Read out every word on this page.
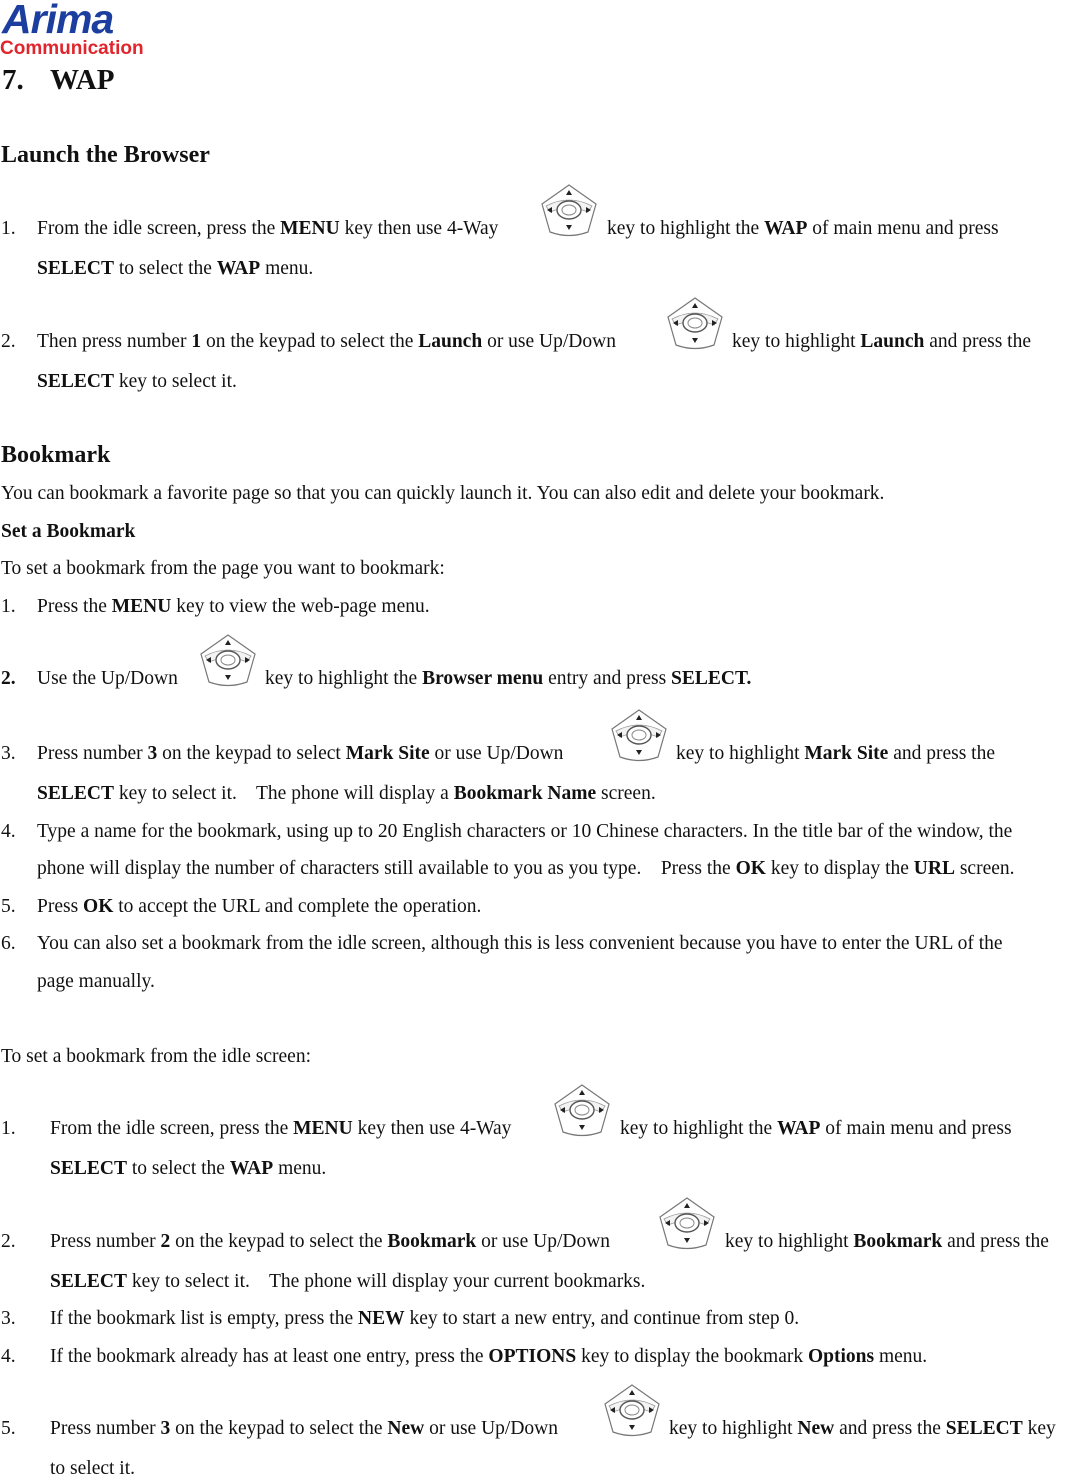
Arima
Communication
7. WAP
Launch the Browser
1. From the idle screen, press the MENU key then use 4-Way	key to highlight the WAP of main menu and press
SELECT to select the WAP menu.
2. Then press number 1 on the keypad to select the Launch or use Up/Down	key to highlight Launch and press the
SELECT key to select it.
Bookmark
You can bookmark a favorite page so that you can quickly launch it. You can also edit and delete your bookmark.
Set a Bookmark
To set a bookmark from the page you want to bookmark:
1. Press the MENU key to view the web-page menu.
2. Use the Up/Down	key to highlight the Browser menu entry and press SELECT.
3. Press number 3 on the keypad to select Mark Site or use Up/Down	key to highlight Mark Site and press the
SELECT key to select it.    The phone will display a Bookmark Name screen.
4. Type a name for the bookmark, using up to 20 English characters or 10 Chinese characters. In the title bar of the window, the
phone will display the number of characters still available to you as you type.    Press the OK key to display the URL screen.
5. Press OK to accept the URL and complete the operation.
6. You can also set a bookmark from the idle screen, although this is less convenient because you have to enter the URL of the
page manually.
To set a bookmark from the idle screen:
1. From the idle screen, press the MENU key then use 4-Way	key to highlight the WAP of main menu and press
SELECT to select the WAP menu.
2. Press number 2 on the keypad to select the Bookmark or use Up/Down	key to highlight Bookmark and press the
SELECT key to select it.    The phone will display your current bookmarks.
3. If the bookmark list is empty, press the NEW key to start a new entry, and continue from step 0.
4. If the bookmark already has at least one entry, press the OPTIONS key to display the bookmark Options menu.
5. Press number 3 on the keypad to select the New or use Up/Down	key to highlight New and press the SELECT key
to select it.
